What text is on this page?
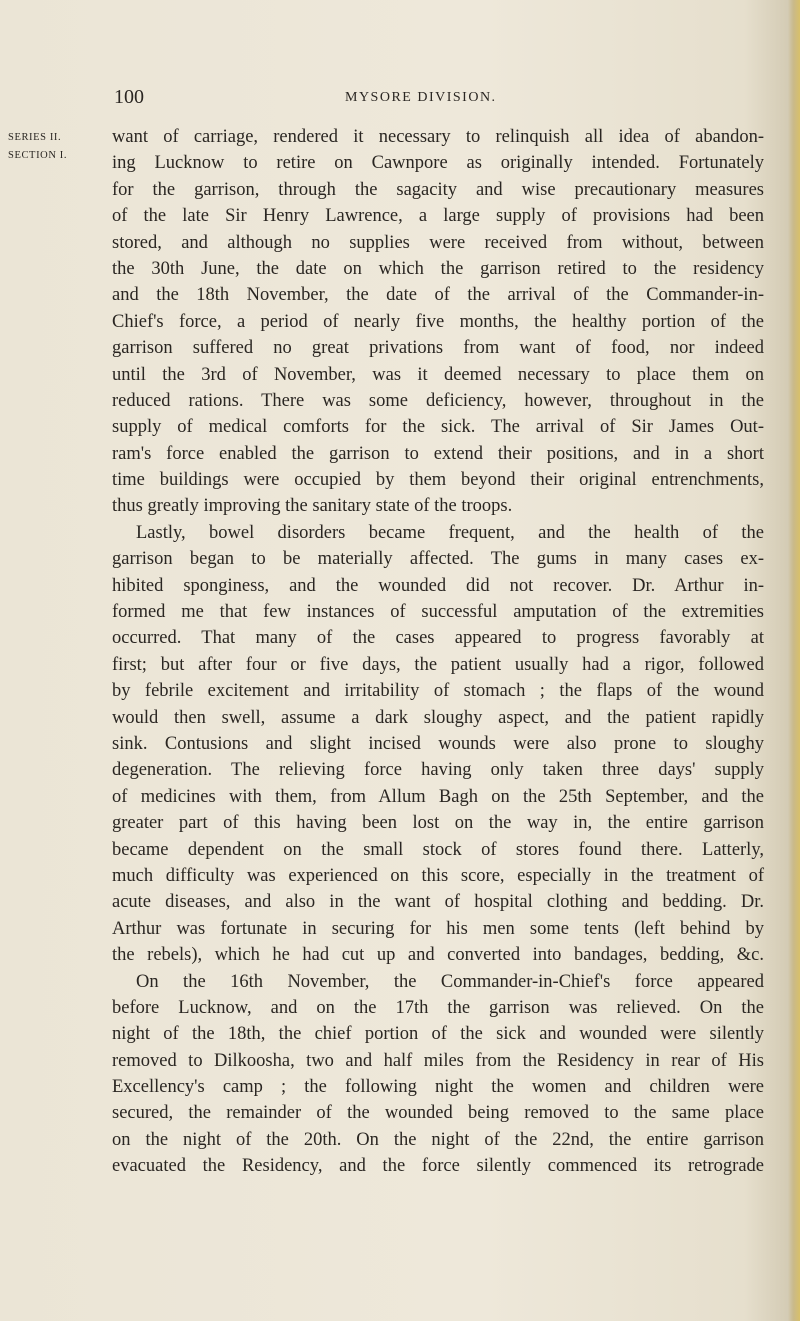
100	MYSORE DIVISION.
SERIES II.
SECTION I.
want of carriage, rendered it necessary to relinquish all idea of abandon-
ing Lucknow to retire on Cawnpore as originally intended. Fortunately
for the garrison, through the sagacity and wise precautionary measures
of the late Sir Henry Lawrence, a large supply of provisions had been
stored, and although no supplies were received from without, between
the 30th June, the date on which the garrison retired to the residency
and the 18th November, the date of the arrival of the Commander-in-
Chief's force, a period of nearly five months, the healthy portion of the
garrison suffered no great privations from want of food, nor indeed
until the 3rd of November, was it deemed necessary to place them on
reduced rations. There was some deficiency, however, throughout in the
supply of medical comforts for the sick. The arrival of Sir James Out-
ram's force enabled the garrison to extend their positions, and in a short
time buildings were occupied by them beyond their original entrenchments,
thus greatly improving the sanitary state of the troops.
Lastly, bowel disorders became frequent, and the health of the
garrison began to be materially affected. The gums in many cases ex-
hibited sponginess, and the wounded did not recover. Dr. Arthur in-
formed me that few instances of successful amputation of the extremities
occurred. That many of the cases appeared to progress favorably at
first; but after four or five days, the patient usually had a rigor, followed
by febrile excitement and irritability of stomach ; the flaps of the wound
would then swell, assume a dark sloughy aspect, and the patient rapidly
sink. Contusions and slight incised wounds were also prone to sloughy
degeneration. The relieving force having only taken three days' supply
of medicines with them, from Allum Bagh on the 25th September, and the
greater part of this having been lost on the way in, the entire garrison
became dependent on the small stock of stores found there. Latterly,
much difficulty was experienced on this score, especially in the treatment of
acute diseases, and also in the want of hospital clothing and bedding. Dr.
Arthur was fortunate in securing for his men some tents (left behind by
the rebels), which he had cut up and converted into bandages, bedding, &c.
On the 16th November, the Commander-in-Chief's force appeared
before Lucknow, and on the 17th the garrison was relieved. On the
night of the 18th, the chief portion of the sick and wounded were silently
removed to Dilkoosha, two and half miles from the Residency in rear of His
Excellency's camp ; the following night the women and children were
secured, the remainder of the wounded being removed to the same place
on the night of the 20th. On the night of the 22nd, the entire garrison
evacuated the Residency, and the force silently commenced its retrograde
